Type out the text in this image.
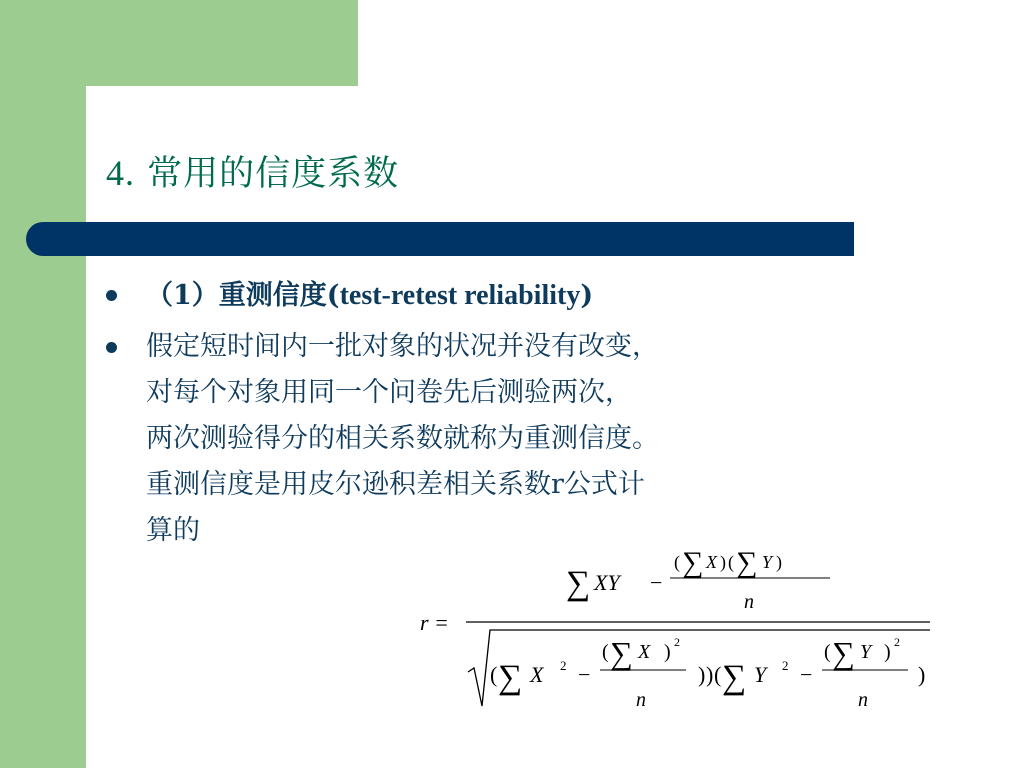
4. 常用的信度系数
（1）重测信度(test-retest reliability)
假定短时间内一批对象的状况并没有改变，
对每个对象用同一个问卷先后测验两次，
两次测验得分的相关系数就称为重测信度。
重测信度是用皮尔逊积差相关系数r公式计
算的
r =
∑ XY −
( ∑ X ) ( ∑ Y )
n
( ∑ X 2 −
( ∑ X ) 2
n
) ) ( ∑ Y 2 −
( ∑ Y ) 2
n
)
